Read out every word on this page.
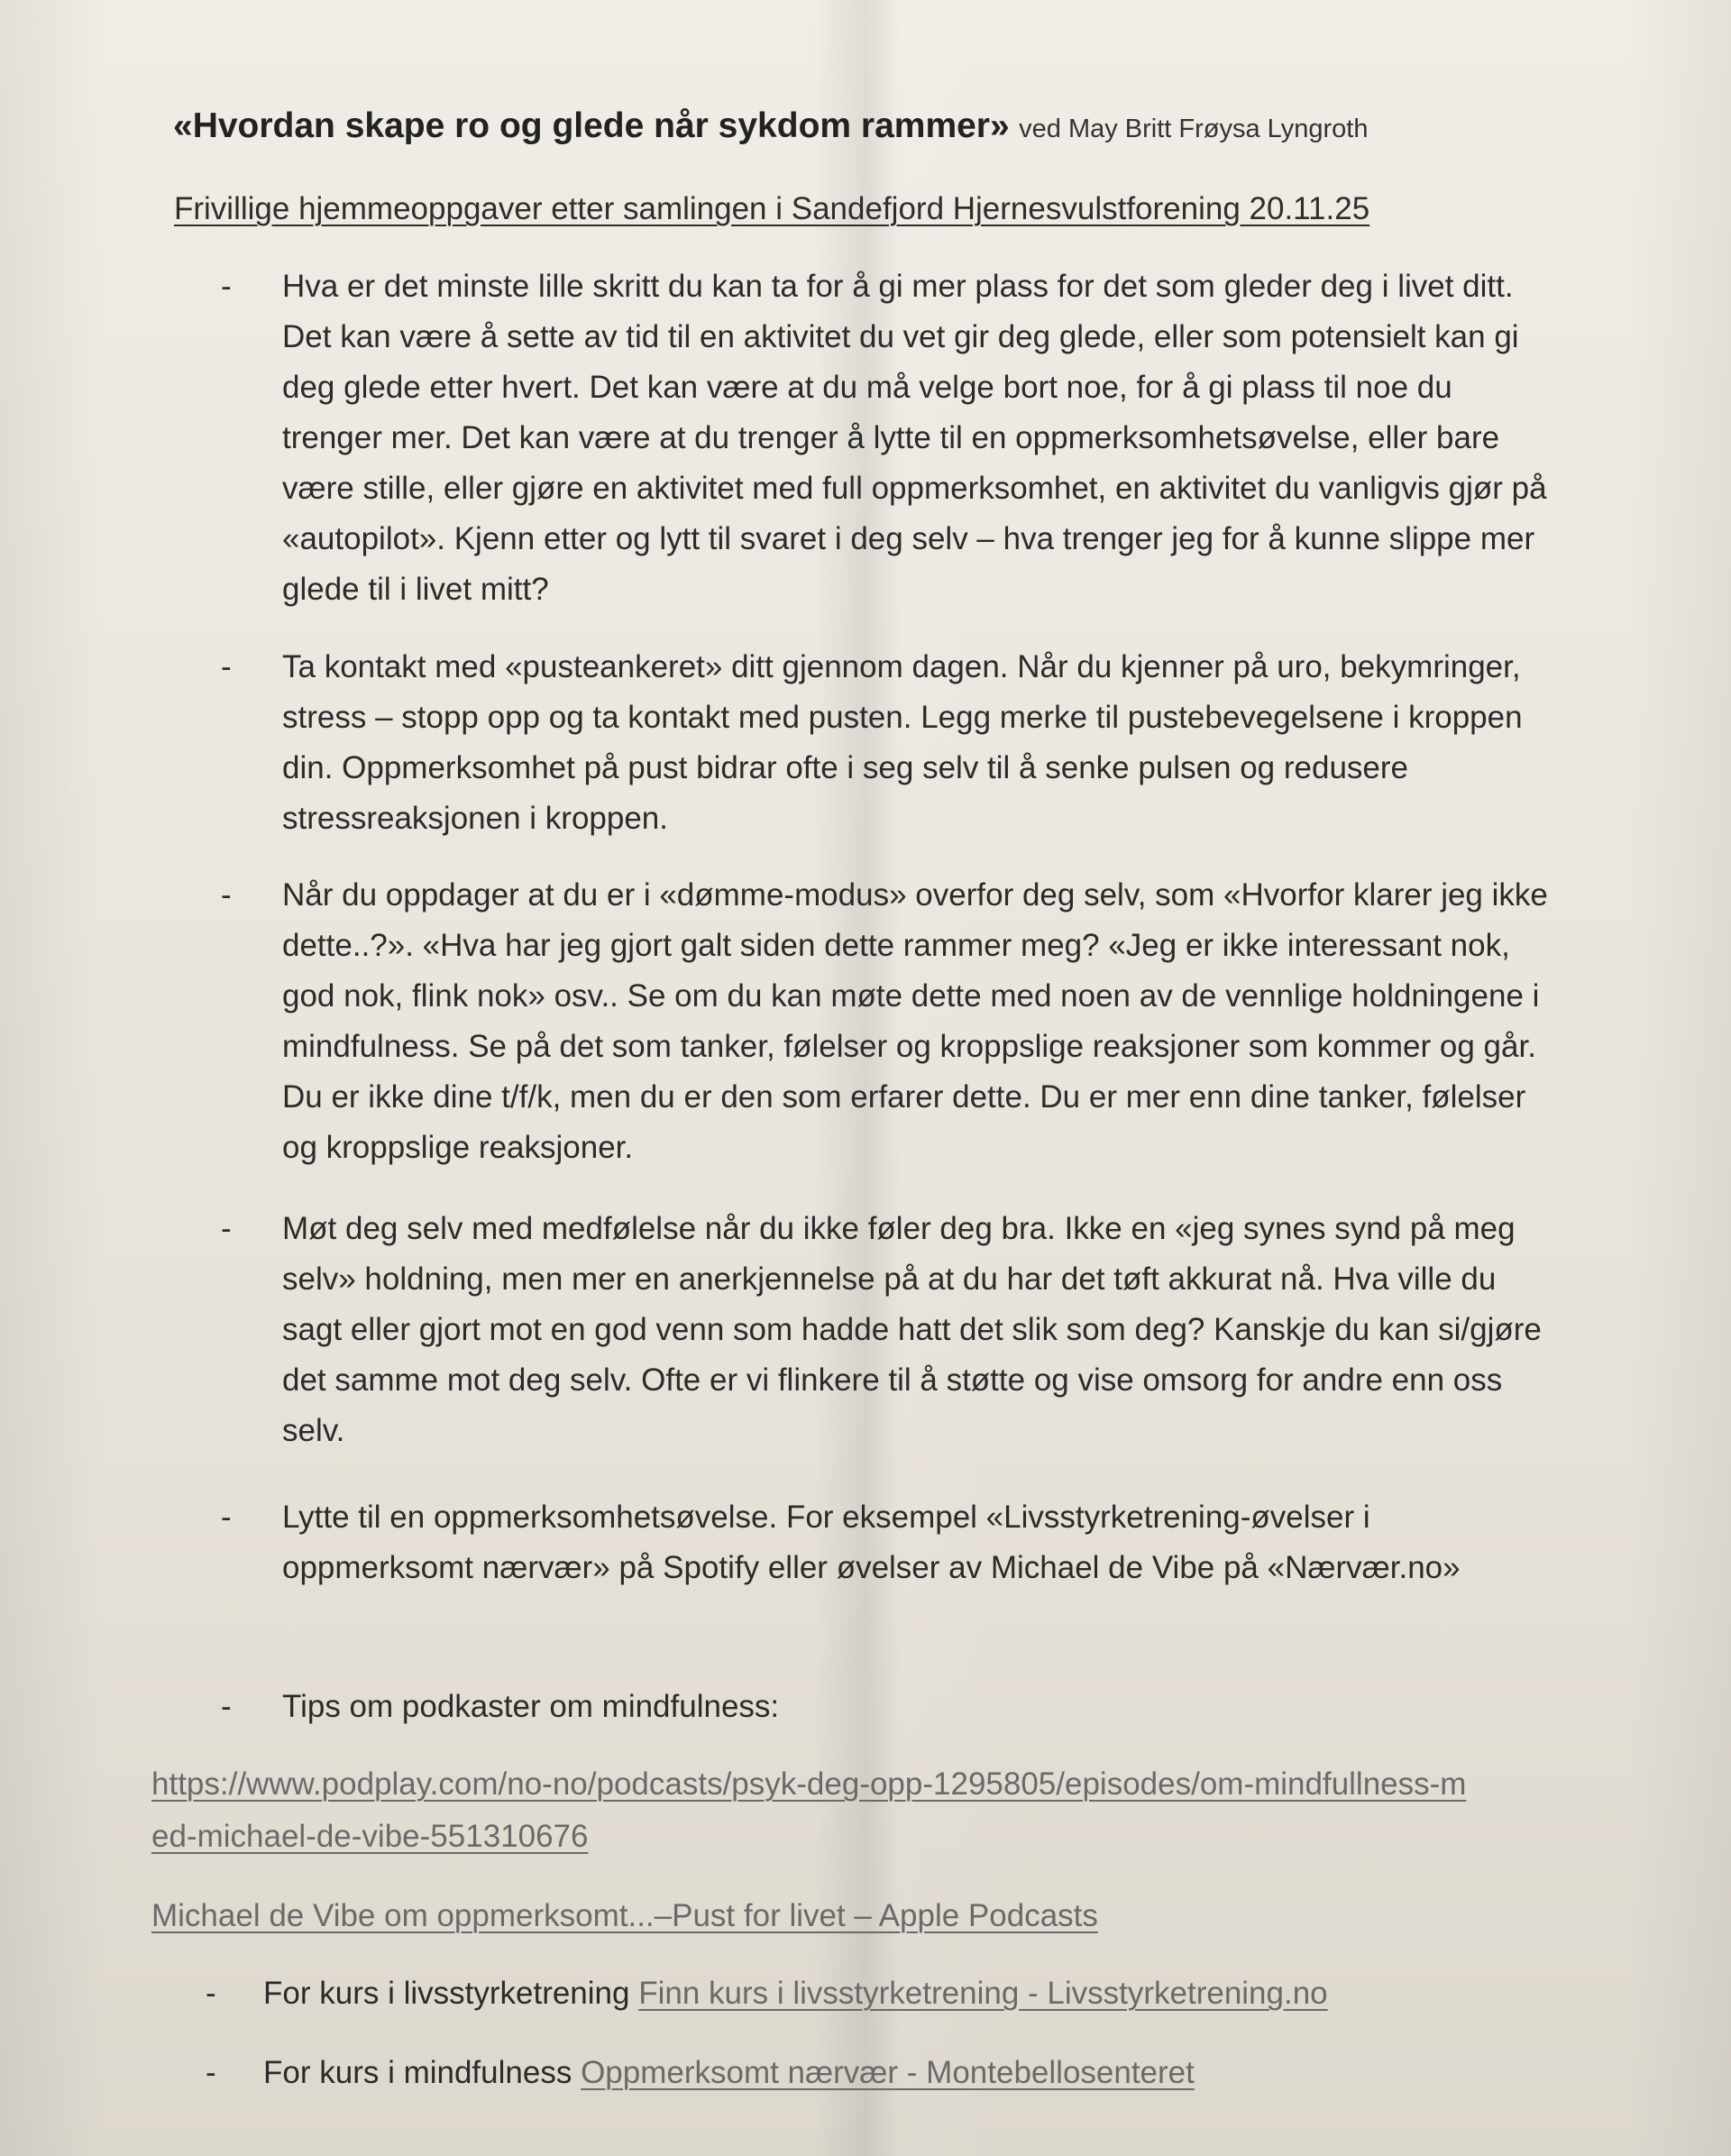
«Hvordan skape ro og glede når sykdom rammer» ved May Britt Frøysa Lyngroth
Frivillige hjemmeoppgaver etter samlingen i Sandefjord Hjernesvulstforening 20.11.25
- Hva er det minste lille skritt du kan ta for å gi mer plass for det som gleder deg i livet ditt. Det kan være å sette av tid til en aktivitet du vet gir deg glede, eller som potensielt kan gi deg glede etter hvert. Det kan være at du må velge bort noe, for å gi plass til noe du trenger mer. Det kan være at du trenger å lytte til en oppmerksomhetsøvelse, eller bare være stille, eller gjøre en aktivitet med full oppmerksomhet, en aktivitet du vanligvis gjør på «autopilot». Kjenn etter og lytt til svaret i deg selv – hva trenger jeg for å kunne slippe mer glede til i livet mitt?
- Ta kontakt med «pusteankeret» ditt gjennom dagen. Når du kjenner på uro, bekymringer, stress – stopp opp og ta kontakt med pusten. Legg merke til pustebevegelsene i kroppen din. Oppmerksomhet på pust bidrar ofte i seg selv til å senke pulsen og redusere stressreaksjonen i kroppen.
- Når du oppdager at du er i «dømme-modus» overfor deg selv, som «Hvorfor klarer jeg ikke dette..?». «Hva har jeg gjort galt siden dette rammer meg? «Jeg er ikke interessant nok, god nok, flink nok» osv.. Se om du kan møte dette med noen av de vennlige holdningene i mindfulness. Se på det som tanker, følelser og kroppslige reaksjoner som kommer og går. Du er ikke dine t/f/k, men du er den som erfarer dette. Du er mer enn dine tanker, følelser og kroppslige reaksjoner.
- Møt deg selv med medfølelse når du ikke føler deg bra. Ikke en «jeg synes synd på meg selv» holdning, men mer en anerkjennelse på at du har det tøft akkurat nå. Hva ville du sagt eller gjort mot en god venn som hadde hatt det slik som deg? Kanskje du kan si/gjøre det samme mot deg selv. Ofte er vi flinkere til å støtte og vise omsorg for andre enn oss selv.
- Lytte til en oppmerksomhetsøvelse. For eksempel «Livsstyrketrening-øvelser i oppmerksomt nærvær» på Spotify eller øvelser av Michael de Vibe på «Nærvær.no»
- Tips om podkaster om mindfulness:
https://www.podplay.com/no-no/podcasts/psyk-deg-opp-1295805/episodes/om-mindfullness-med-michael-de-vibe-551310676
Michael de Vibe om oppmerksomt...–Pust for livet – Apple Podcasts
- For kurs i livsstyrketrening Finn kurs i livsstyrketrening - Livsstyrketrening.no
- For kurs i mindfulness Oppmerksomt nærvær - Montebellosenteret
